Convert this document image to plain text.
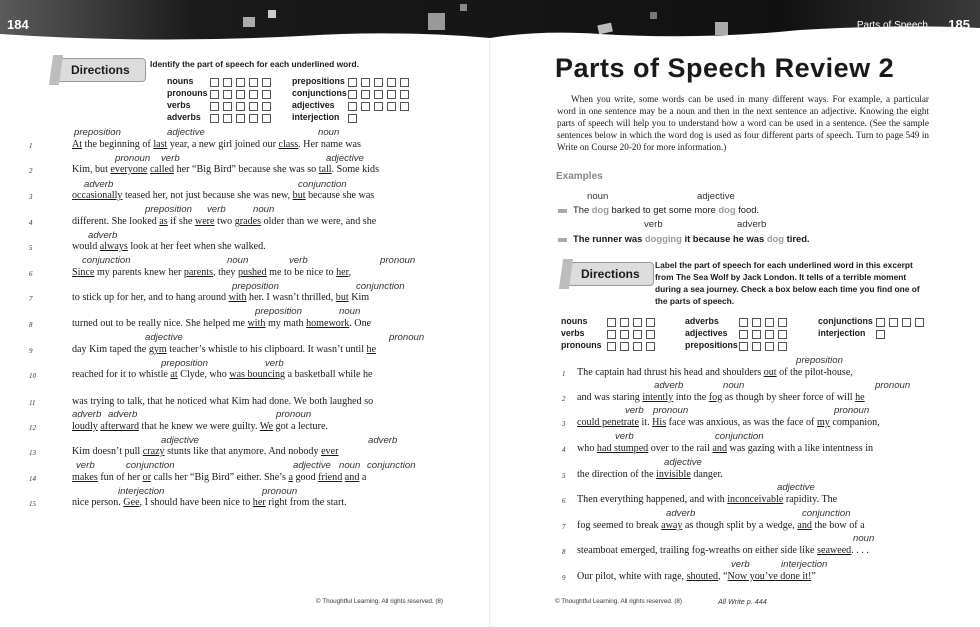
184	185
Parts of Speech
Directions	Identify the part of speech for each underlined word.
nouns
pronouns
verbs
adverbs
prepositions
conjunctions
adjectives
interjection
1	At the beginning of last year, a new girl joined our class. Her name was
2	Kim, but everyone called her “Big Bird” because she was so tall. Some kids
3	occasionally teased her, not just because she was new, but because she was
4	different. She looked as if she were two grades older than we were, and she
5	would always look at her feet when she walked.
6	Since my parents knew her parents, they pushed me to be nice to her,
7	to stick up for her, and to hang around with her. I wasn’t thrilled, but Kim
8	turned out to be really nice. She helped me with my math homework. One
9	day Kim taped the gym teacher’s whistle to his clipboard. It wasn’t until he
10	reached for it to whistle at Clyde, who was bouncing a basketball while he
11	was trying to talk, that he noticed what Kim had done. We both laughed so
12	loudly afterward that he knew we were guilty. We got a lecture.
13	Kim doesn’t pull crazy stunts like that anymore. And nobody ever
14	makes fun of her or calls her “Big Bird” either. She’s a good friend and a
15	nice person. Gee, I should have been nice to her right from the start.
preposition	adjective	noun
pronoun verb	adjective
adverb	conjunction
preposition verb	noun
adverb
conjunction	noun	verb	pronoun
preposition	conjunction
preposition	noun
adjective	pronoun
preposition	verb
adverb adverb	pronoun
adjective	adverb
verb	conjunction	adjective noun conjunction
interjection	pronoun
© Thoughtful Learning. All rights reserved. (8)
Parts of Speech Review 2
When you write, some words can be used in many different ways. For example, a particular word in one sentence may be a noun and then in the next sentence an adjective. Knowing the eight parts of speech will help you to understand how a word can be used in a sentence. (See the sample sentences below in which the word dog is used as four different parts of speech. Turn to page 549 in Write on Course 20-20 for more information.)
Examples
noun	adjective
The dog barked to get some more dog food.
verb	adverb
The runner was dogging it because he was dog tired.
Directions
Label the part of speech for each underlined word in this excerpt from The Sea Wolf by Jack London. It tells of a terrible moment during a sea journey. Check a box below each time you find one of the parts of speech.
nouns
verbs
pronouns
adverbs
adjectives
prepositions
conjunctions
interjection
1 The captain had thrust his head and shoulders out of the pilot-house,
2 and was staring intently into the fog as though by sheer force of will he
3 could penetrate it. His face was anxious, as was the face of my companion,
4 who had stumped over to the rail and was gazing with a like intentness in
5 the direction of the invisible danger.
6 Then everything happened, and with inconceivable rapidity. The
7 fog seemed to break away as though split by a wedge, and the bow of a
8 steamboat emerged, trailing fog-wreaths on either side like seaweed. . . .
9 Our pilot, white with rage, shouted, “Now you’ve done it!”
preposition
adverb	noun	pronoun
verb pronoun	pronoun
verb	conjunction
adjective
adjective
adverb	conjunction
noun
verb	interjection
© Thoughtful Learning. All rights reserved. (8)	All Write p. 444
